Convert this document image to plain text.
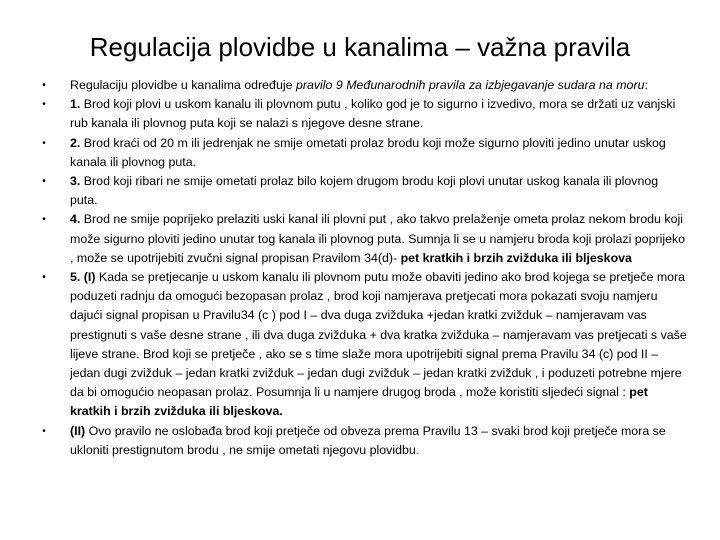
Regulacija plovidbe u kanalima – važna pravila
•	Regulaciju plovidbe u kanalima određuje pravilo 9 Međunarodnih pravila za izbjegavanje sudara na moru:
•	1. Brod koji plovi u uskom kanalu ili plovnom putu , koliko god je to sigurno i izvedivo, mora se držati uz vanjski rub kanala ili plovnog puta koji se nalazi s njegove desne strane.
•	2. Brod kraći od 20 m ili jedrenjak ne smije ometati prolaz brodu koji može sigurno ploviti jedino unutar uskog kanala ili plovnog puta.
•	3. Brod koji ribari ne smije ometati prolaz bilo kojem drugom brodu koji plovi unutar uskog kanala ili plovnog puta.
•	4. Brod ne smije poprijeko prelaziti uski kanal ili plovni put , ako takvo prelaženje ometa prolaz nekom brodu koji može sigurno ploviti jedino unutar tog kanala ili plovnog puta. Sumnja li se u namjeru broda koji prolazi poprijeko , može se upotrijebiti zvučni signal propisan Pravilom 34(d)- pet kratkih i brzih zvižduka ili bljeskova
•	5. (I) Kada se pretjecanje u uskom kanalu ili plovnom putu može obaviti jedino ako brod kojega se pretječe mora poduzeti radnju da omogući bezopasan prolaz , brod koji namjerava pretjecati mora pokazati svoju namjeru dajući signal propisan u Pravilu34 (c ) pod I – dva duga zvižduka +jedan kratki zvižduk – namjeravam vas prestignuti s vaše desne strane , ili dva duga zvižduka + dva kratka zvižduka – namjeravam vas pretjecati s vaše lijeve strane. Brod koji se pretječe , ako se s time slaže mora upotrijebiti signal prema Pravilu 34 (c) pod II – jedan dugi zvižduk – jedan kratki zvižduk – jedan dugi zvižduk – jedan kratki zvižduk , i poduzeti potrebne mjere da bi omogućio neopasan prolaz. Posumnja li u namjere drugog broda , može koristiti sljedeći signal : pet kratkih i brzih zvižduka ili bljeskova.
•	(II) Ovo pravilo ne oslobađa brod koji pretječe od obveza prema Pravilu 13 – svaki brod koji pretječe mora se ukloniti prestignutom brodu , ne smije ometati njegovu plovidbu.
